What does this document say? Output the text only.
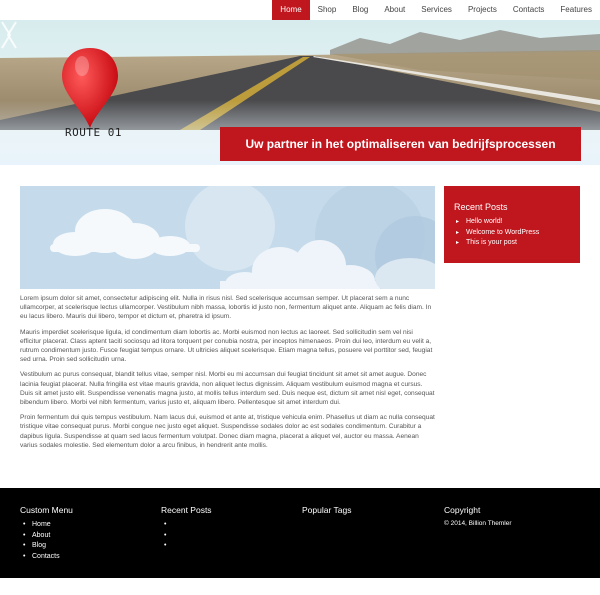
Home	Shop	Blog	About	Services	Projects	Contacts	Features
ROUTE 01
Uw partner in het optimaliseren van bedrijfsprocessen

Lorem ipsum dolor sit amet, consectetur adipiscing elit. Nulla in risus nisl. Sed scelerisque accumsan semper. Ut placerat sem a nunc ullamcorper, at scelerisque lectus ullamcorper. Vestibulum nibh massa, lobortis id justo non, fermentum aliquet ante. Aliquam ac felis diam. In eu lacus libero. Mauris dui libero, tempor et dictum et, pharetra id ipsum.

Mauris imperdiet scelerisque ligula, id condimentum diam lobortis ac. Morbi euismod non lectus ac laoreet. Sed sollicitudin sem vel nisi efficitur placerat. Class aptent taciti sociosqu ad litora torquent per conubia nostra, per inceptos himenaeos. Proin dui leo, interdum eu velit a, rutrum condimentum justo. Fusce feugiat tempus ornare. Ut ultricies aliquet scelerisque. Etiam magna tellus, posuere vel porttitor sed, feugiat sed urna. Proin sed sollicitudin urna.

Vestibulum ac purus consequat, blandit tellus vitae, semper nisl. Morbi eu mi accumsan dui feugiat tincidunt sit amet sit amet augue. Donec lacinia feugiat placerat. Nulla fringilla est vitae mauris gravida, non aliquet lectus dignissim. Aliquam vestibulum euismod magna et cursus. Duis sit amet justo elit. Suspendisse venenatis magna justo, at mollis tellus interdum sed. Duis neque est, dictum sit amet nisl eget, consequat bibendum libero. Morbi vel nibh fermentum, varius justo et, aliquam libero. Pellentesque sit amet interdum dui.

Proin fermentum dui quis tempus vestibulum. Nam lacus dui, euismod et ante at, tristique vehicula enim. Phasellus ut diam ac nulla consequat tristique vitae consequat purus. Morbi congue nec justo eget aliquet. Suspendisse sodales dolor ac est sodales condimentum. Curabitur a dapibus ligula. Suspendisse at quam sed lacus fermentum volutpat. Donec diam magna, placerat a aliquet vel, auctor eu massa. Aenean varius sodales molestie. Sed elementum dolor a arcu finibus, in hendrerit ante mollis.

Recent Posts
▸ Hello world!
▸ Welcome to WordPress
▸ This is your post
Custom Menu
• Home
• About
• Blog
• Contacts
Recent Posts
•
•
•	Popular Tags	Copyright
© 2014, Billion Themler
